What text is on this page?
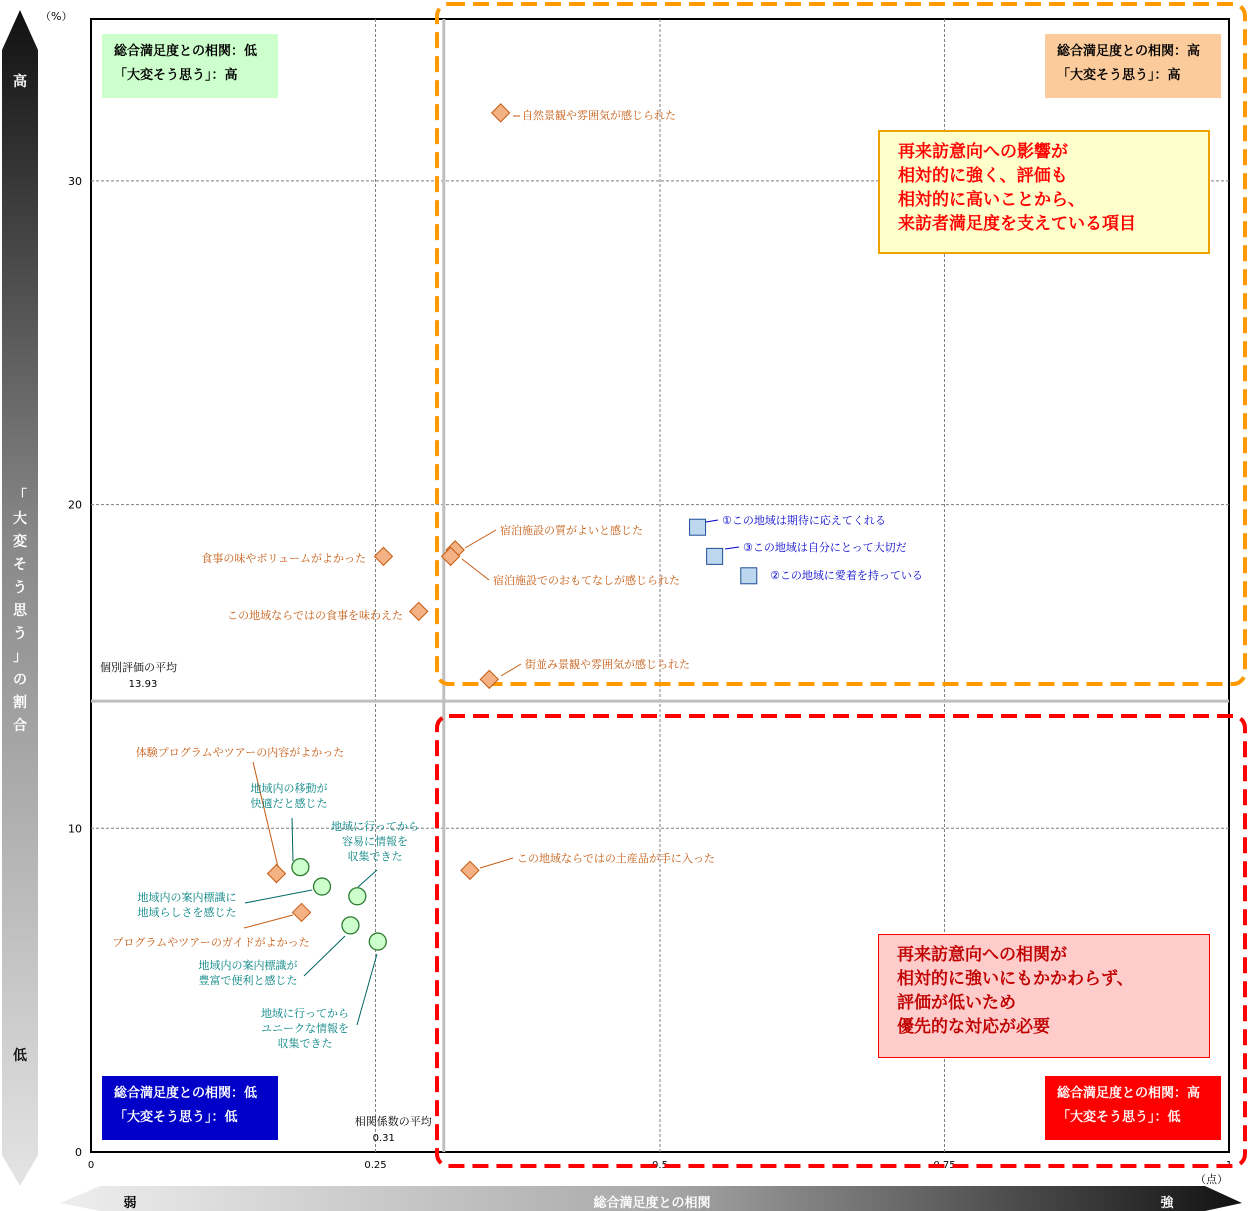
高
低
「
大
変
そ
う
思
う
」
の
割
合
弱	総合満足度との相関	強
（%）
（点）
相関係数の平均
0.31
個別評価の平均
13.93
0	0.25	0.5	0.75	1
0
10
20
30
自然景観や雰囲気が感じられた
宿泊施設の質がよいと感じた
宿泊施設でのおもてなしが感じられた
食事の味やボリュームがよかった
この地域ならではの食事を味わえた
街並み景観や雰囲気が感じられた
体験プログラムやツアーの内容がよかった
プログラムやツアーのガイドがよかった
この地域ならではの土産品が手に入った
①この地域は期待に応えてくれる
③この地域は自分にとって大切だ
②この地域に愛着を持っている
地域内の移動が快適だと感じた
地域内の案内標識に地域らしさを感じた
地域に行ってから容易に情報を収集できた
地域内の案内標識が豊富で便利と感じた
地域に行ってからユニークな情報を収集できた
総合満足度との相関：低
「大変そう思う」：高
総合満足度との相関：高
「大変そう思う」：高
総合満足度との相関：低
「大変そう思う」：低
総合満足度との相関：高
「大変そう思う」：低
再来訪意向への影響が
相対的に強く、評価も
相対的に高いことから、
来訪者満足度を支えている項目
再来訪意向への相関が
相対的に強いにもかかわらず、
評価が低いため
優先的な対応が必要
